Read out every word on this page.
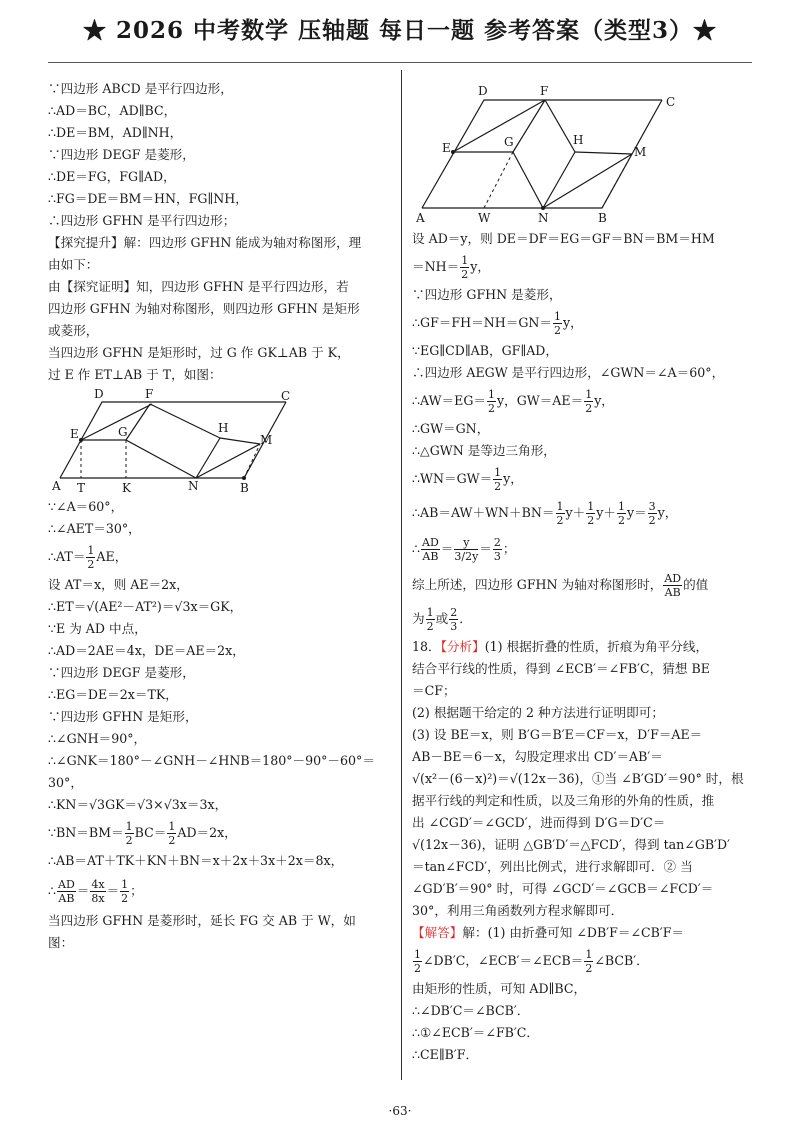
★ 2026 中考数学 压轴题 每日一题 参考答案（类型3）★
∵四边形 ABCD 是平行四边形，
∴AD＝BC，AD∥BC，
∴DE＝BM，AD∥NH，
∵四边形 DEGF 是菱形，
∴DE＝FG，FG∥AD，
∴FG＝DE＝BM＝HN，FG∥NH，
∴四边形 GFHN 是平行四边形；
【探究提升】解：四边形 GFHN 能成为轴对称图形，理
由如下：
由【探究证明】知，四边形 GFHN 是平行四边形，若
四边形 GFHN 为轴对称图形，则四边形 GFHN 是矩形
或菱形，
当四边形 GFHN 是矩形时，过 G 作 GK⊥AB 于 K，
过 E 作 ET⊥AB 于 T，如图：
D	F	C
E	G	H
M
A T	K	N	B
∵∠A＝60°，
∴∠AET＝30°，
∴AT＝ $\frac{1}{2}$ AE，
设 AT＝x，则 AE＝2x，
∴ET＝√(AE²－AT²)＝√3x＝GK，
∵E 为 AD 中点，
∴AD＝2AE＝4x，DE＝AE＝2x，
∵四边形 DEGF 是菱形，
∴EG＝DE＝2x＝TK，
∵四边形 GFHN 是矩形，
∴∠GNH＝90°，
∴∠GNK＝180°－∠GNH－∠HNB＝180°－90°－60°＝
30°，
∴KN＝√3GK＝√3×√3x＝3x，
∵BN＝BM＝ $\frac{1}{2} BC= \frac{1}{2} AD=2x$，
∴AB＝AT＋TK＋KN＋BN＝x＋2x＋3x＋2x＝8x，
∴ $\frac{AD}{AB} = \frac{4x}{8x} = \frac{1}{2}$ ；
当四边形 GFHN 是菱形时，延长 FG 交 AB 于 W，如
图：
D	F
C
E	G	H
M
A	W	N	B
设 AD＝y，则 DE＝DF＝EG＝GF＝BN＝BM＝HM
$=NH= \frac{1}{2}$ y，
∵四边形 GFHN 是菱形，
∴GF＝FH＝NH＝GN＝ $\frac{1}{2}$ y，
∵EG∥CD∥AB，GF∥AD，
∴四边形 AEGW 是平行四边形，∠GWN＝∠A＝60°，
∴AW＝EG＝ $\frac{1}{2}$ y，$GW=AE= \frac{1}{2}$ y，
∴GW＝GN，
∴△GWN 是等边三角形，
∴WN＝GW＝ $\frac{1}{2}$ y，
∴AB＝AW＋WN＋BN＝ $\frac{1}{2} y+ \frac{1}{2} y+ \frac{1}{2} y= \frac{3}{2}$ y，
∴ $\frac{AD}{AB} = \frac{y}{3/2y} = \frac{2}{3}$ ；
综上所述，四边形 GFHN 为轴对称图形时， $\frac{AD}{AB}$ 的值
为 $\frac{1}{2}$ 或 $\frac{2}{3}$ ．
18．【分析】(1) 根据折叠的性质，折痕为角平分线，
结合平行线的性质，得到 ∠ECB′＝∠FB′C，猜想 BE
＝CF；
(2) 根据题干给定的 2 种方法进行证明即可；
(3) 设 BE＝x，则 B′G＝B′E＝CF＝x，D′F＝AE＝
AB－BE＝6－x，勾股定理求出 CD′＝AB′＝
√(x²－(6－x)²)＝√(12x－36)，①当 ∠B′GD′＝90° 时，根
据平行线的判定和性质，以及三角形的外角的性质，推
出 ∠CGD′＝∠GCD′，进而得到 D′G＝D′C＝
√(12x－36)，证明 △GB′D′＝△FCD′，得到 tan∠GB′D′
＝tan∠FCD′，列出比例式，进行求解即可．② 当
∠GD′B′＝90° 时，可得 ∠GCD′＝∠GCB＝∠FCD′＝
30°，利用三角函数列方程求解即可．
【解答】解：(1) 由折叠可知 ∠DB′F＝∠CB′F＝
$\frac{1}{2}$ ∠DB′C，∠ECB′＝∠ECB＝ $\frac{1}{2}$ ∠BCB′．
由矩形的性质，可知 AD∥BC，
∴∠DB′C＝∠BCB′．
∴①∠ECB′＝∠FB′C．
∴CE∥B′F．
·63·
